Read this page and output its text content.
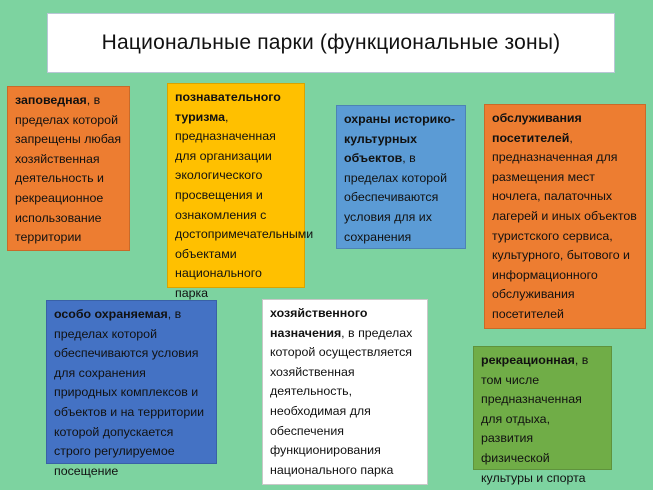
Национальные парки (функциональные зоны)
заповедная, в пределах которой запрещены любая хозяйственная деятельность и рекреационное использование территории
познавательного туризма, предназначенная для организации экологического просвещения и ознакомления с достопримечательными объектами национального парка
охраны историко-культурных объектов, в пределах которой обеспечиваются условия для их сохранения
обслуживания посетителей, предназначенная для размещения мест ночлега, палаточных лагерей и иных объектов туристского сервиса, культурного, бытового и информационного обслуживания посетителей
особо охраняемая, в пределах которой обеспечиваются условия для сохранения природных комплексов и объектов и на территории которой допускается строго регулируемое посещение
хозяйственного назначения, в пределах которой осуществляется хозяйственная деятельность, необходимая для обеспечения функционирования национального парка
рекреационная, в том числе предназначенная для отдыха, развития физической культуры и спорта
